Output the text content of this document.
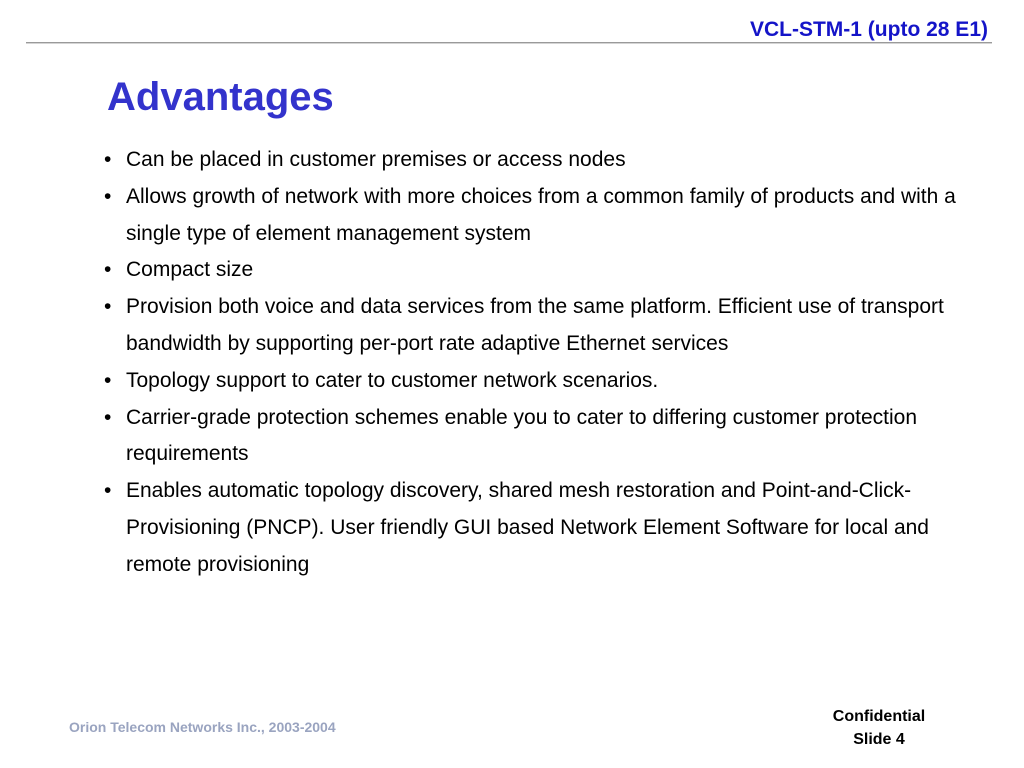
VCL-STM-1 (upto 28 E1)
Advantages
• Can be placed in customer premises or access nodes
• Allows growth of network with more choices from a common family of products and with a single type of element management system
• Compact size
• Provision both voice and data services from the same platform. Efficient use of transport bandwidth by supporting per-port rate adaptive Ethernet services
• Topology support to cater to customer network scenarios.
• Carrier-grade protection schemes enable you to cater to differing customer protection requirements
• Enables automatic topology discovery, shared mesh restoration and Point-and-Click- Provisioning (PNCP). User friendly GUI based Network Element Software for local and remote provisioning
Orion Telecom Networks Inc., 2003-2004
Confidential
Slide 4
